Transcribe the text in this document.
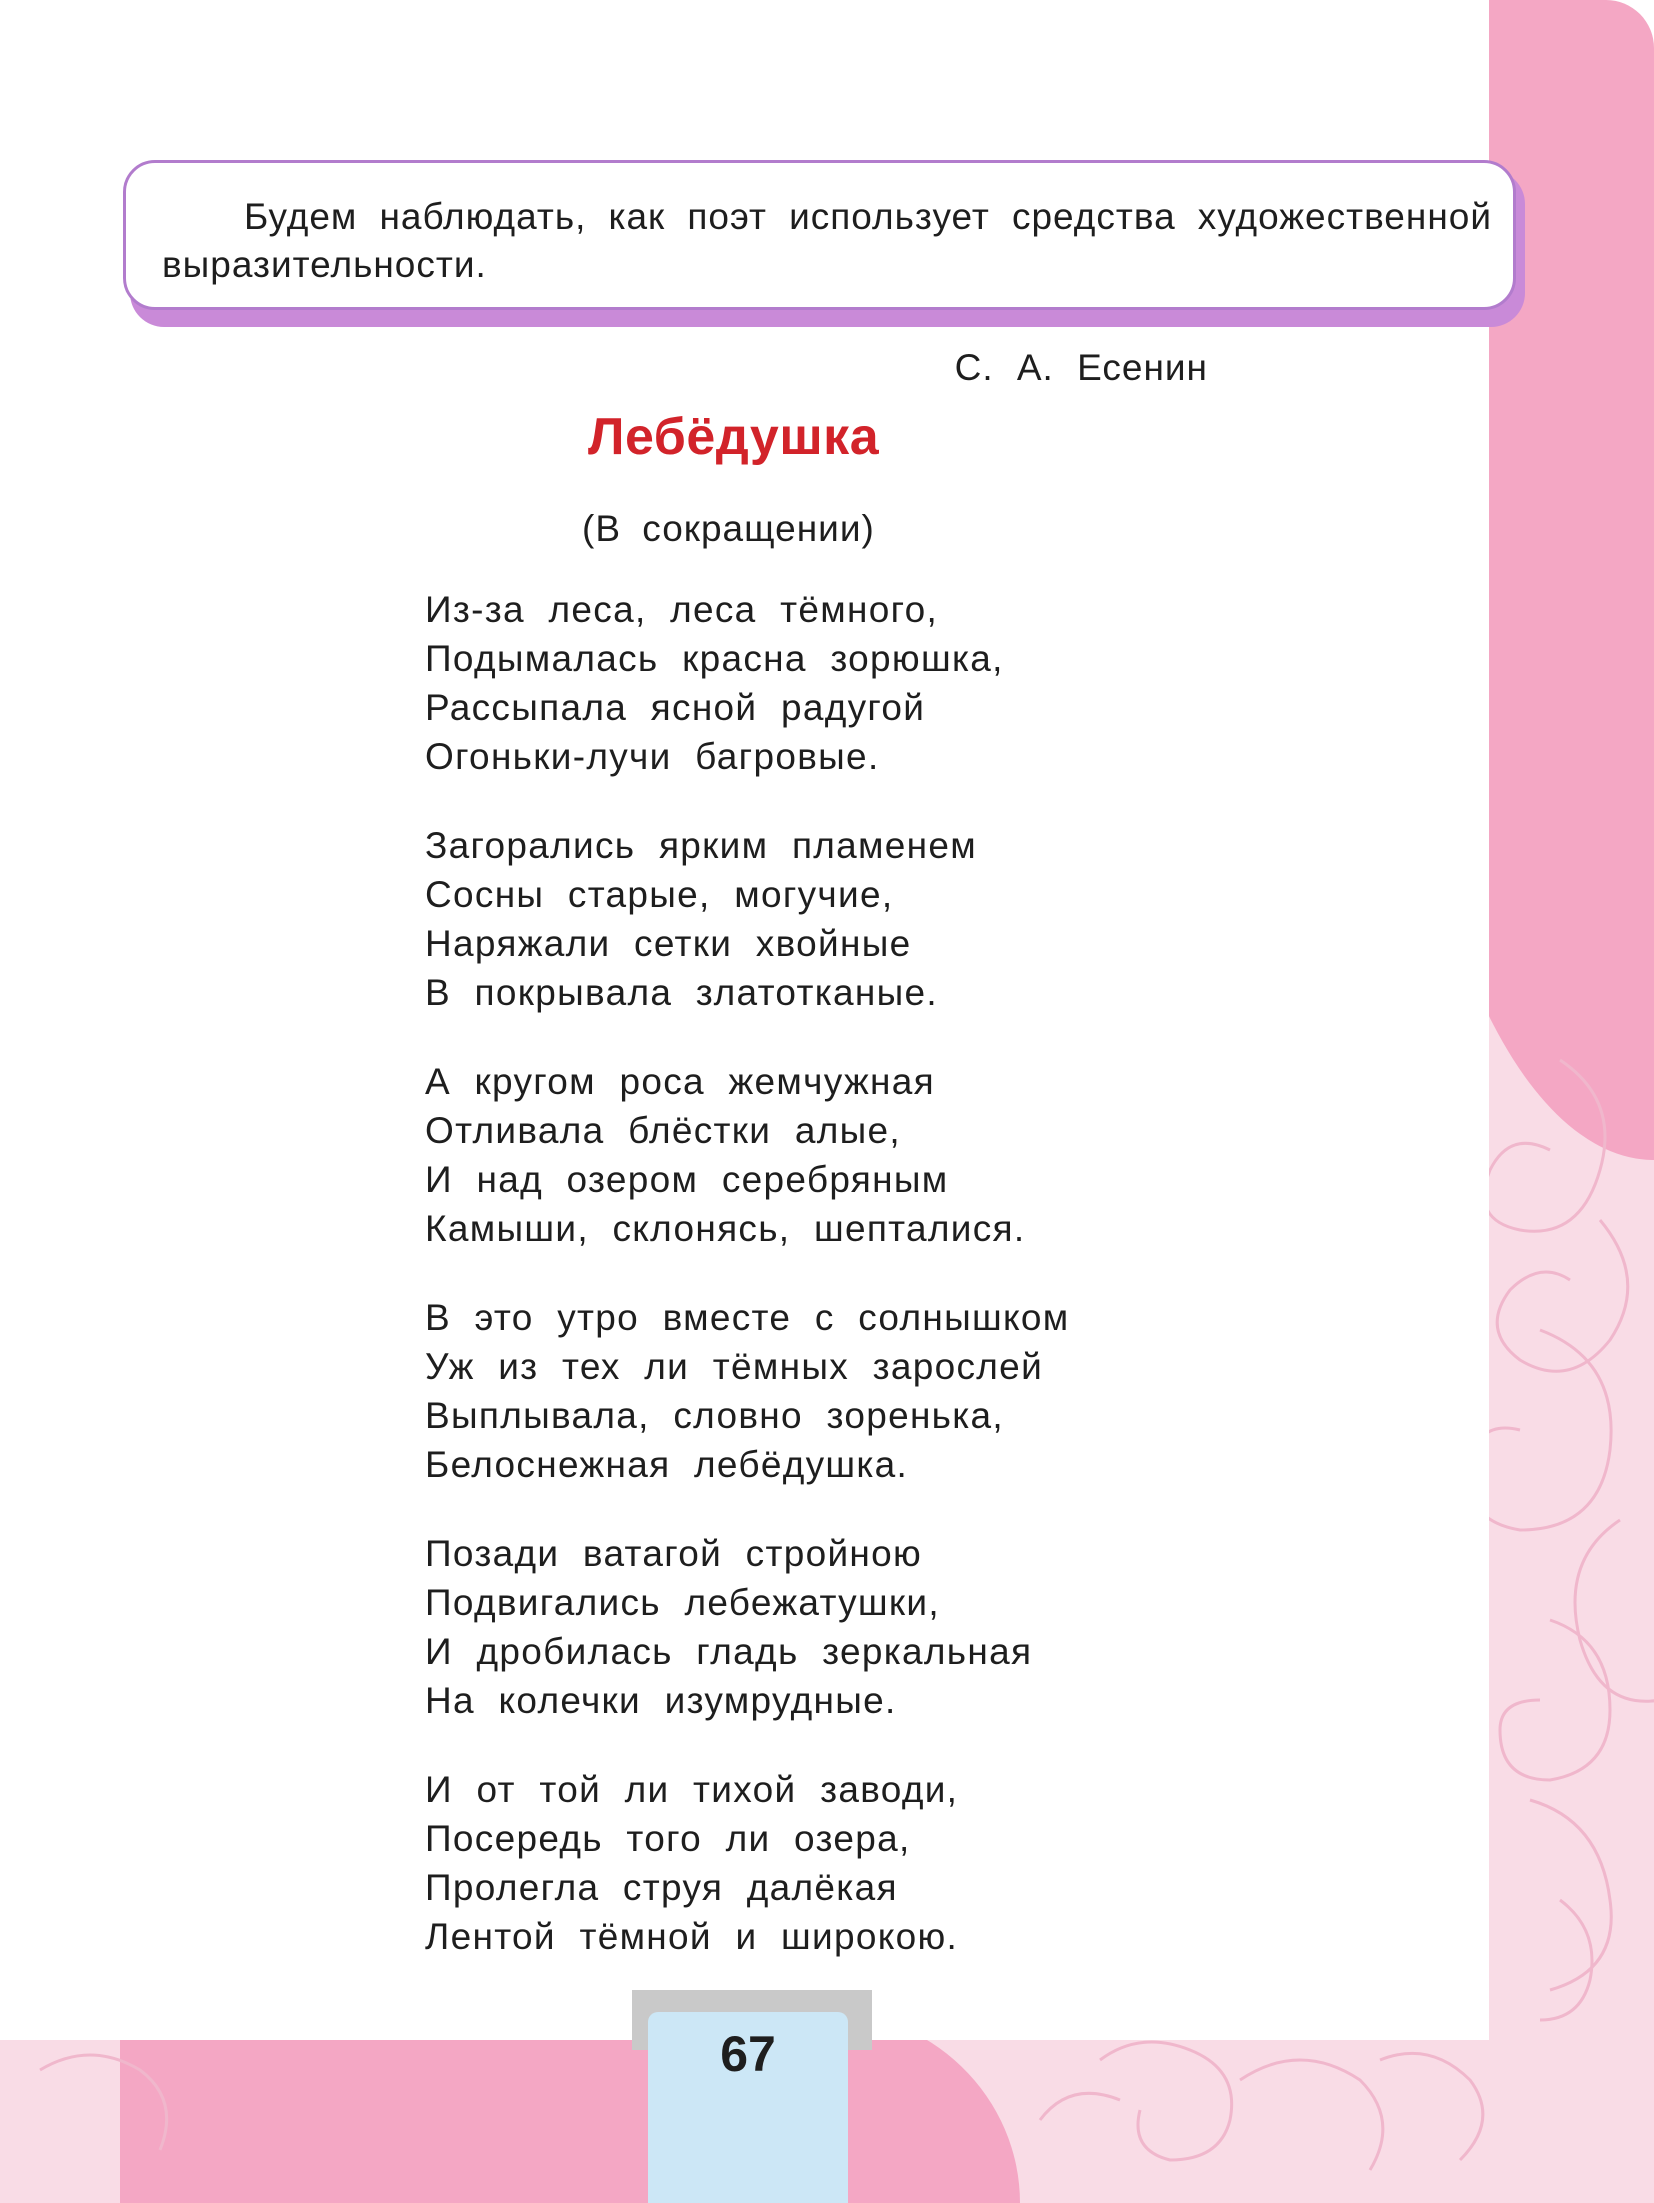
Будем наблюдать, как поэт использует средства художественной выразительности.

С. А. Есенин
Лебёдушка
(В сокращении)
Из-за леса, леса тёмного,
Подымалась красна зорюшка,
Рассыпала ясной радугой
Огоньки-лучи багровые.
Загорались ярким пламенем
Сосны старые, могучие,
Наряжали сетки хвойные
В покрывала златотканые.
А кругом роса жемчужная
Отливала блёстки алые,
И над озером серебряным
Камыши, склонясь, шепталися.
В это утро вместе с солнышком
Уж из тех ли тёмных зарослей
Выплывала, словно зоренька,
Белоснежная лебёдушка.
Позади ватагой стройною
Подвигались лебежатушки,
И дробилась гладь зеркальная
На колечки изумрудные.
И от той ли тихой заводи,
Посередь того ли озера,
Пролегла струя далёкая
Лентой тёмной и широкою.
67
